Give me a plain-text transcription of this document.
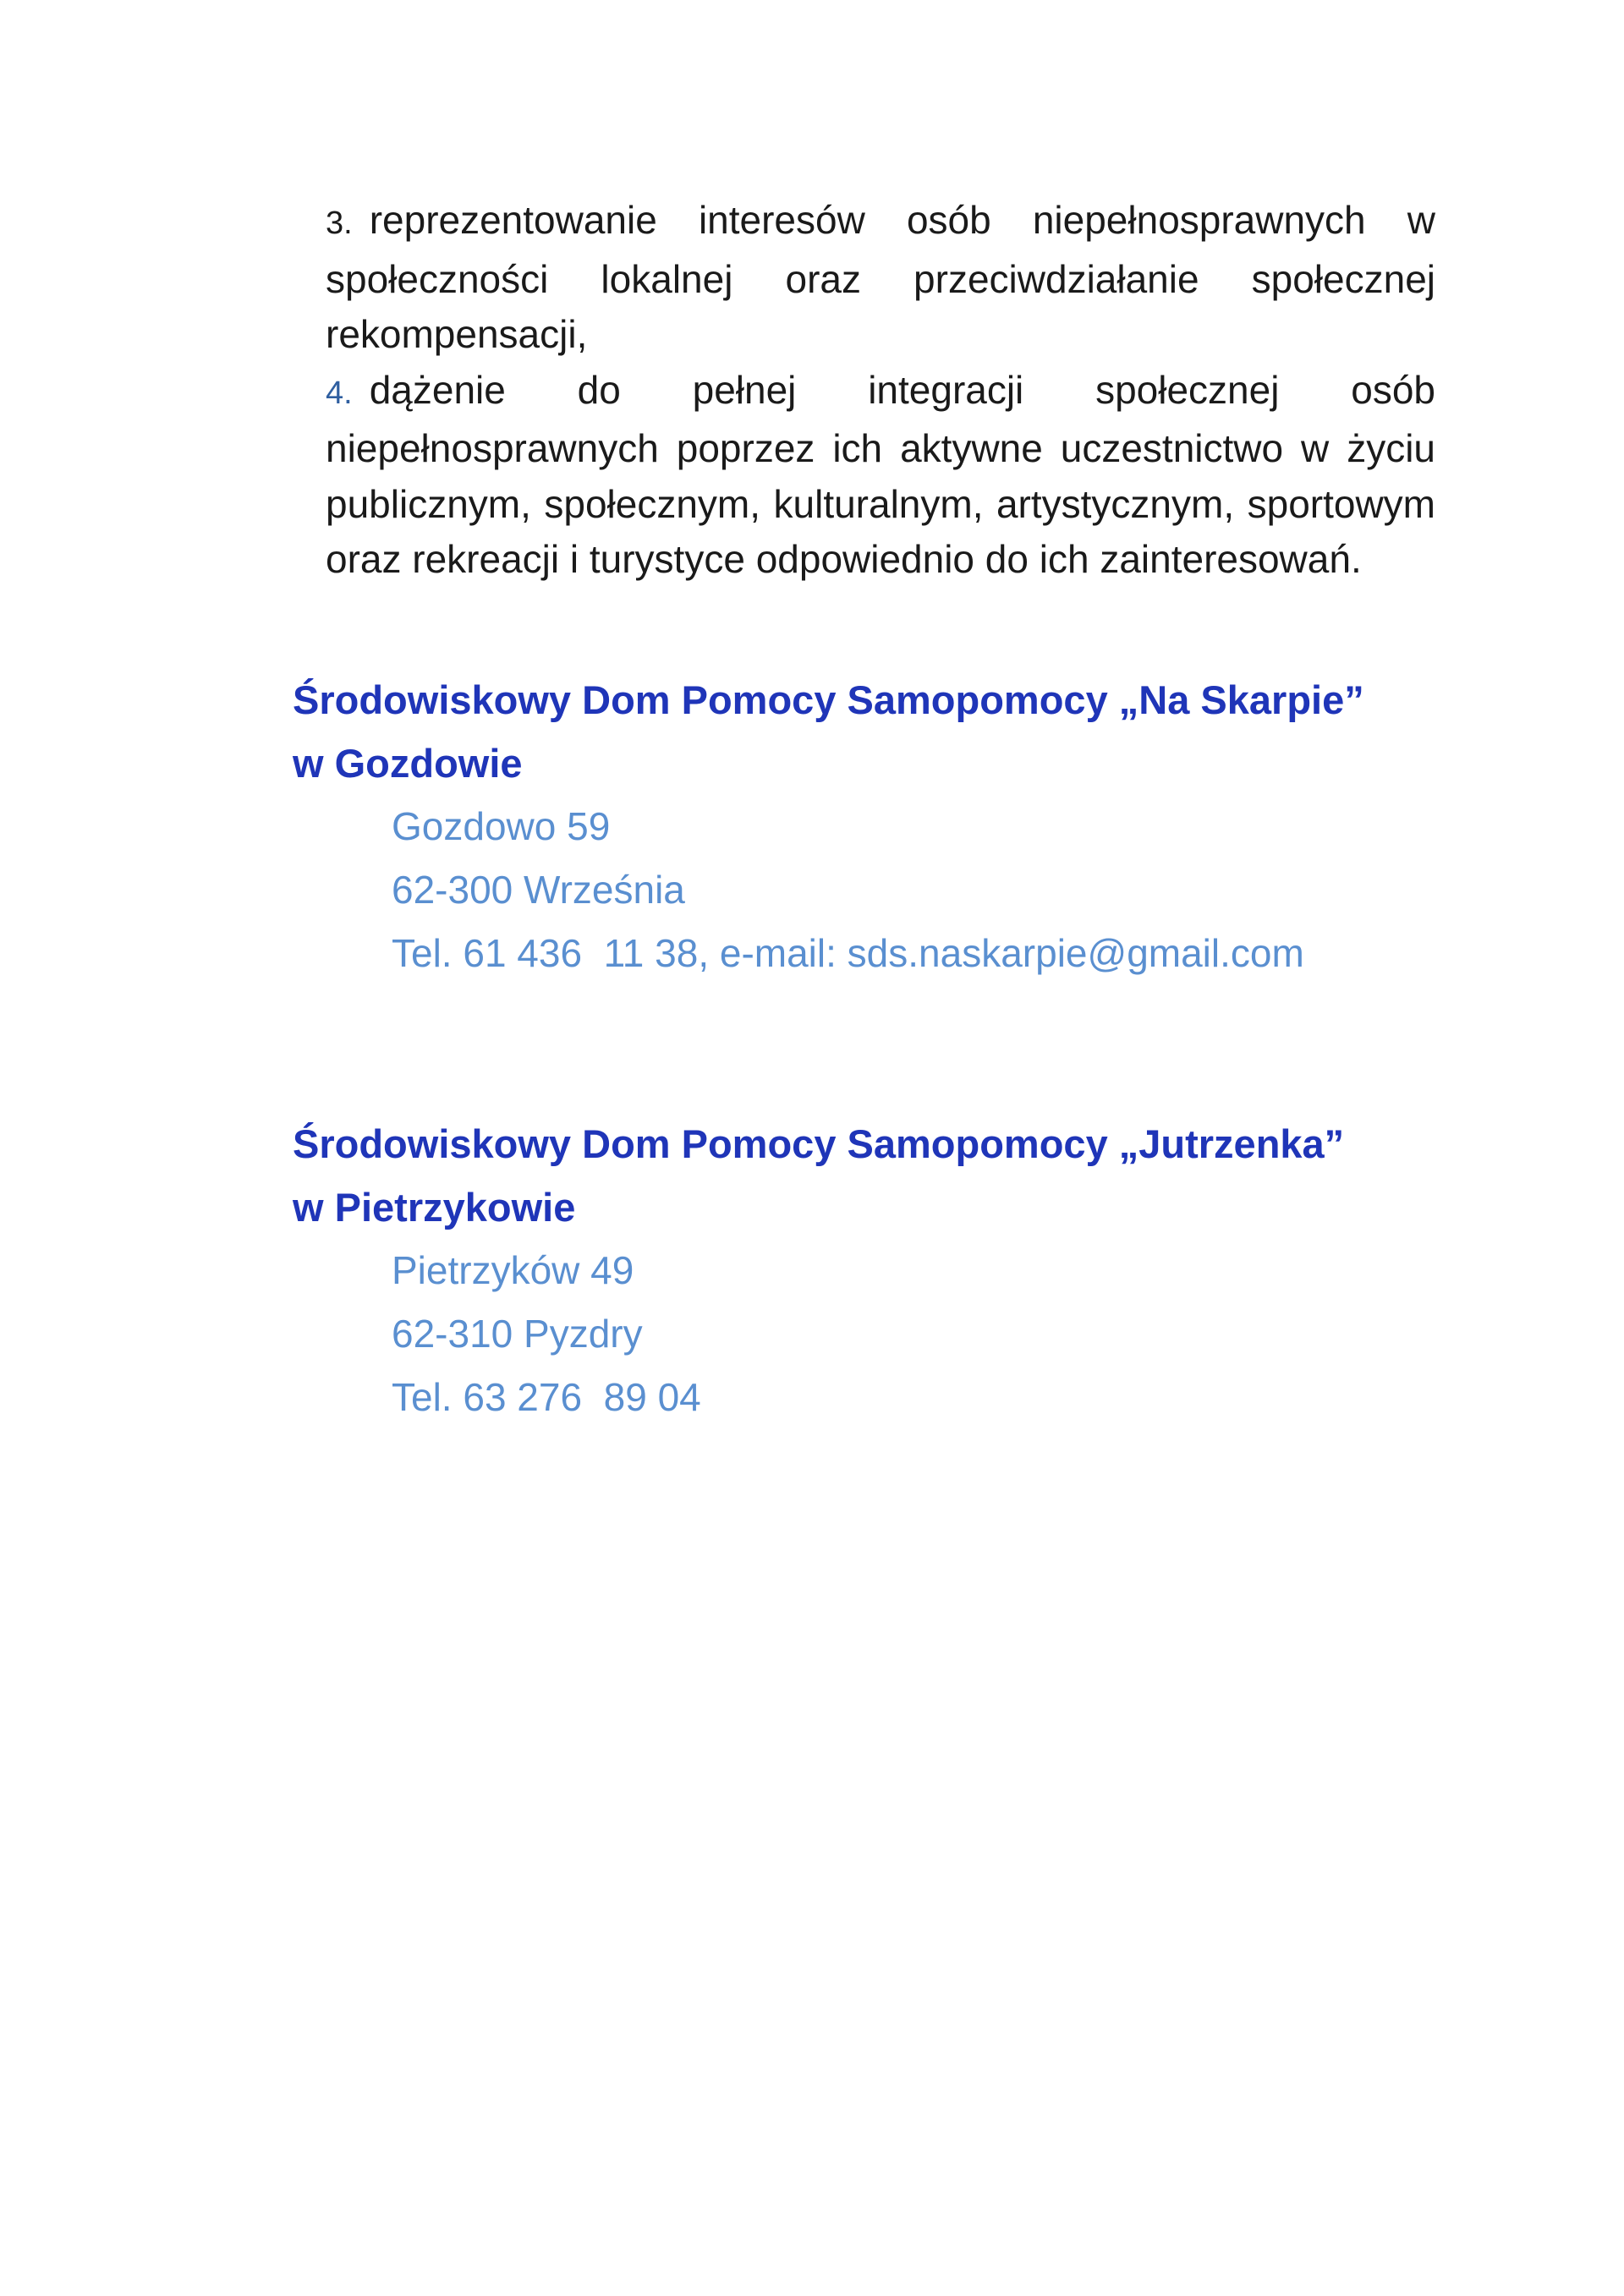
3. reprezentowanie interesów osób niepełnosprawnych w społeczności lokalnej oraz przeciwdziałanie społecznej rekompensacji,

4. dążenie do pełnej integracji społecznej osób niepełnosprawnych poprzez ich aktywne uczestnictwo w życiu publicznym, społecznym, kulturalnym, artystycznym, sportowym oraz rekreacji i turystyce odpowiednio do ich zainteresowań.

Środowiskowy Dom Pomocy Samopomocy „Na Skarpie”
w Gozdowie
Gozdowo 59
62-300 Września
Tel. 61 436  11 38, e-mail: sds.naskarpie@gmail.com
Środowiskowy Dom Pomocy Samopomocy „Jutrzenka”
w Pietrzykowie
Pietrzyków 49
62-310 Pyzdry
Tel. 63 276  89 04
